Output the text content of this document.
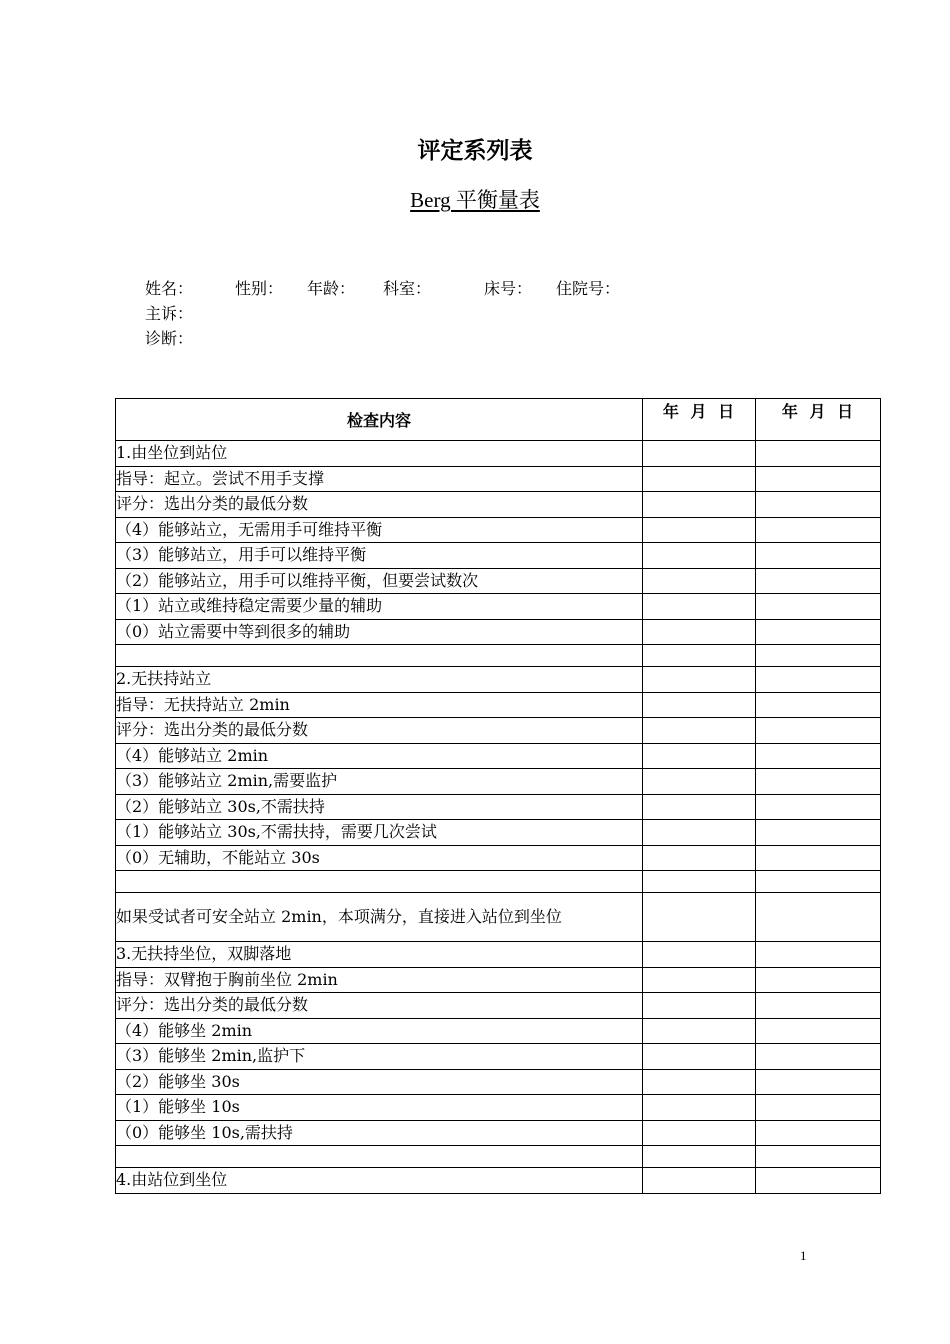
评定系列表
Berg 平衡量表
姓名：	性别： 年龄： 科室：	床号： 住院号：
主诉：
诊断：
检查内容	年 月 日	年 月 日
1.由坐位到站位		
指导：起立。尝试不用手支撑		
评分：选出分类的最低分数		
（4）能够站立，无需用手可维持平衡		
（3）能够站立，用手可以维持平衡		
（2）能够站立，用手可以维持平衡，但要尝试数次		
（1）站立或维持稳定需要少量的辅助		
（0）站立需要中等到很多的辅助		

2.无扶持站立		
指导：无扶持站立 2min		
评分：选出分类的最低分数		
（4）能够站立 2min		
（3）能够站立 2min,需要监护		
（2）能够站立 30s,不需扶持		
（1）能够站立 30s,不需扶持，需要几次尝试		
（0）无辅助，不能站立 30s		

如果受试者可安全站立 2min，本项满分，直接进入站位到坐位		
3.无扶持坐位，双脚落地		
指导：双臂抱于胸前坐位 2min		
评分：选出分类的最低分数		
（4）能够坐 2min		
（3）能够坐 2min,监护下		
（2）能够坐 30s		
（1）能够坐 10s		
（0）能够坐 10s,需扶持		

4.由站位到坐位		
1
